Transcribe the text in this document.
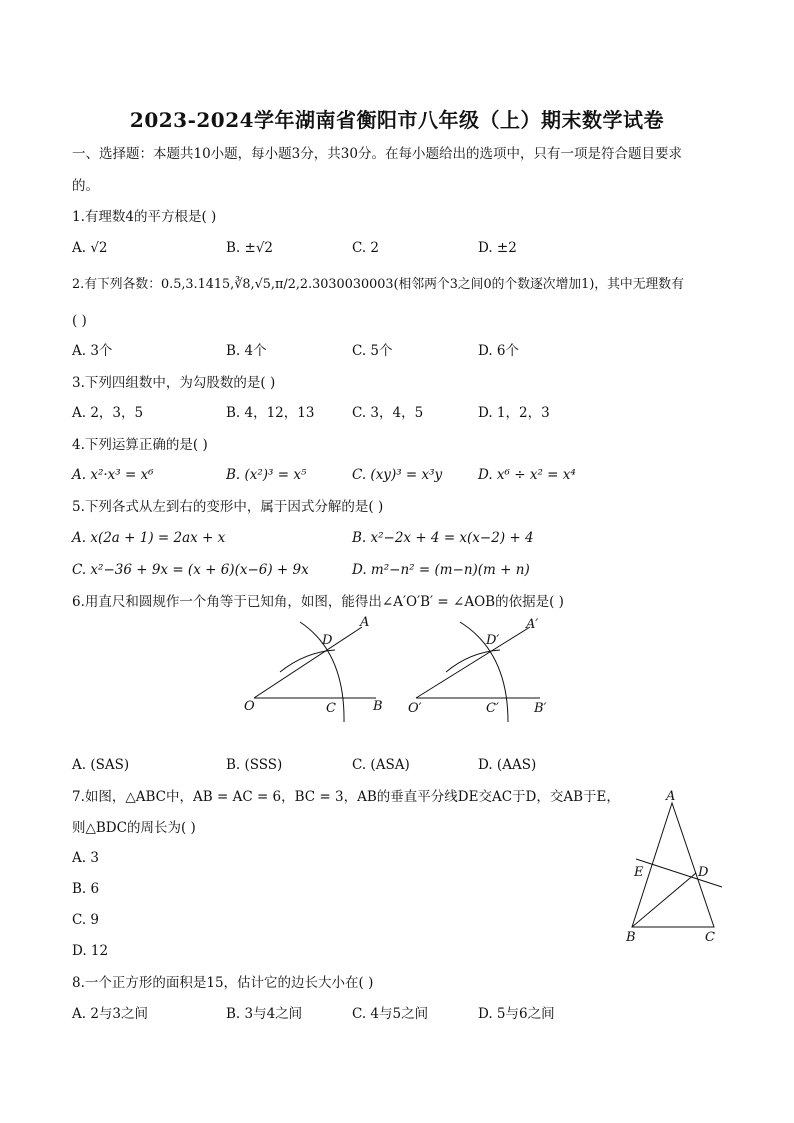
2023-2024学年湖南省衡阳市八年级（上）期末数学试卷
一、选择题：本题共10小题，每小题3分，共30分。在每小题给出的选项中，只有一项是符合题目要求
的。
1.有理数4的平方根是( )
A. √2	B. ±√2	C. 2	D. ±2
2.有下列各数：0.5,3.1415,∛8,√5,π/2,2.3030030003(相邻两个3之间0的个数逐次增加1)，其中无理数有
( )
A. 3个	B. 4个	C. 5个	D. 6个
3.下列四组数中，为勾股数的是( )
A. 2，3，5	B. 4，12，13	C. 3，4，5	D. 1，2，3
4.下列运算正确的是( )
A. x²·x³ = x⁶	B. (x²)³ = x⁵	C. (xy)³ = x³y	D. x⁶ ÷ x² = x⁴
5.下列各式从左到右的变形中，属于因式分解的是( )
A. x(2a + 1) = 2ax + x	B. x²−2x + 4 = x(x−2) + 4
C. x²−36 + 9x = (x + 6)(x−6) + 9x	D. m²−n² = (m−n)(m + n)
6.用直尺和圆规作一个角等于已知角，如图，能得出∠A′O′B′ = ∠AOB的依据是( )
O	C	B
D
A
O′	C′	B′
D′
A′
A. (SAS)	B. (SSS)	C. (ASA)	D. (AAS)
7.如图，△ABC中，AB = AC = 6，BC = 3，AB的垂直平分线DE交AC于D，交AB于E，
则△BDC的周长为( )
A. 3
B. 6
C. 9
D. 12
A
B	C
D
E
8.一个正方形的面积是15，估计它的边长大小在( )
A. 2与3之间	B. 3与4之间	C. 4与5之间	D. 5与6之间
